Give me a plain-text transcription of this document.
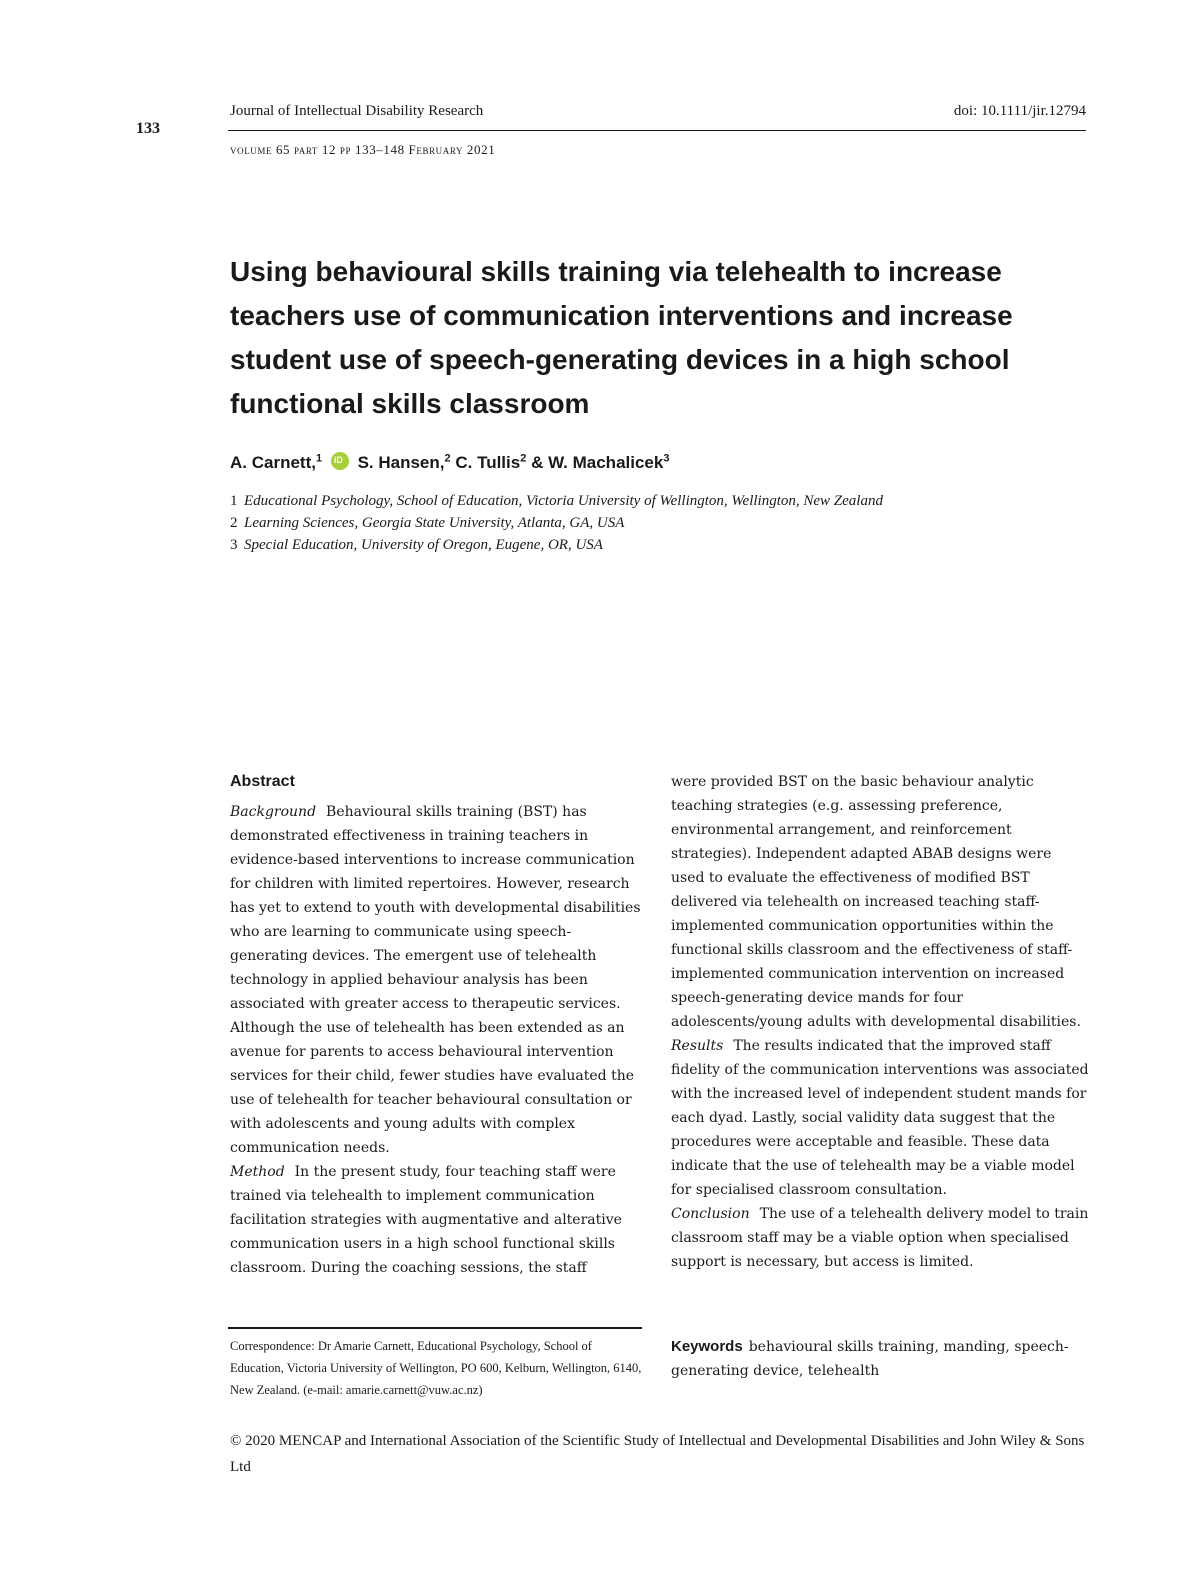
133
Journal of Intellectual Disability Research	doi: 10.1111/jir.12794
volume 65 part 12 pp 133–148 February 2021
Using behavioural skills training via telehealth to increase teachers use of communication interventions and increase student use of speech-generating devices in a high school functional skills classroom
A. Carnett,$^1$ iD S. Hansen,$^2$ C. Tullis$^2$ & W. Machalicek$^3$
1 Educational Psychology, School of Education, Victoria University of Wellington, Wellington, New Zealand
2 Learning Sciences, Georgia State University, Atlanta, GA, USA
3 Special Education, University of Oregon, Eugene, OR, USA
Abstract

Background Behavioural skills training (BST) has demonstrated effectiveness in training teachers in evidence-based interventions to increase communication for children with limited repertoires. However, research has yet to extend to youth with developmental disabilities who are learning to communicate using speech-generating devices. The emergent use of telehealth technology in applied behaviour analysis has been associated with greater access to therapeutic services. Although the use of telehealth has been extended as an avenue for parents to access behavioural intervention services for their child, fewer studies have evaluated the use of telehealth for teacher behavioural consultation or with adolescents and young adults with complex communication needs.

Method In the present study, four teaching staff were trained via telehealth to implement communication facilitation strategies with augmentative and alterative communication users in a high school functional skills classroom. During the coaching sessions, the staff

Correspondence: Dr Amarie Carnett, Educational Psychology, School of Education, Victoria University of Wellington, PO 600, Kelburn, Wellington, 6140, New Zealand. (e-mail: amarie.carnett@vuw.ac.nz)

were provided BST on the basic behaviour analytic teaching strategies (e.g. assessing preference, environmental arrangement, and reinforcement strategies). Independent adapted ABAB designs were used to evaluate the effectiveness of modified BST delivered via telehealth on increased teaching staff-implemented communication opportunities within the functional skills classroom and the effectiveness of staff-implemented communication intervention on increased speech-generating device mands for four adolescents/young adults with developmental disabilities.

Results The results indicated that the improved staff fidelity of the communication interventions was associated with the increased level of independent student mands for each dyad. Lastly, social validity data suggest that the procedures were acceptable and feasible. These data indicate that the use of telehealth may be a viable model for specialised classroom consultation.

Conclusion The use of a telehealth delivery model to train classroom staff may be a viable option when specialised support is necessary, but access is limited.

Keywords behavioural skills training, manding, speech-generating device, telehealth
© 2020 MENCAP and International Association of the Scientific Study of Intellectual and Developmental Disabilities and John Wiley & Sons Ltd
